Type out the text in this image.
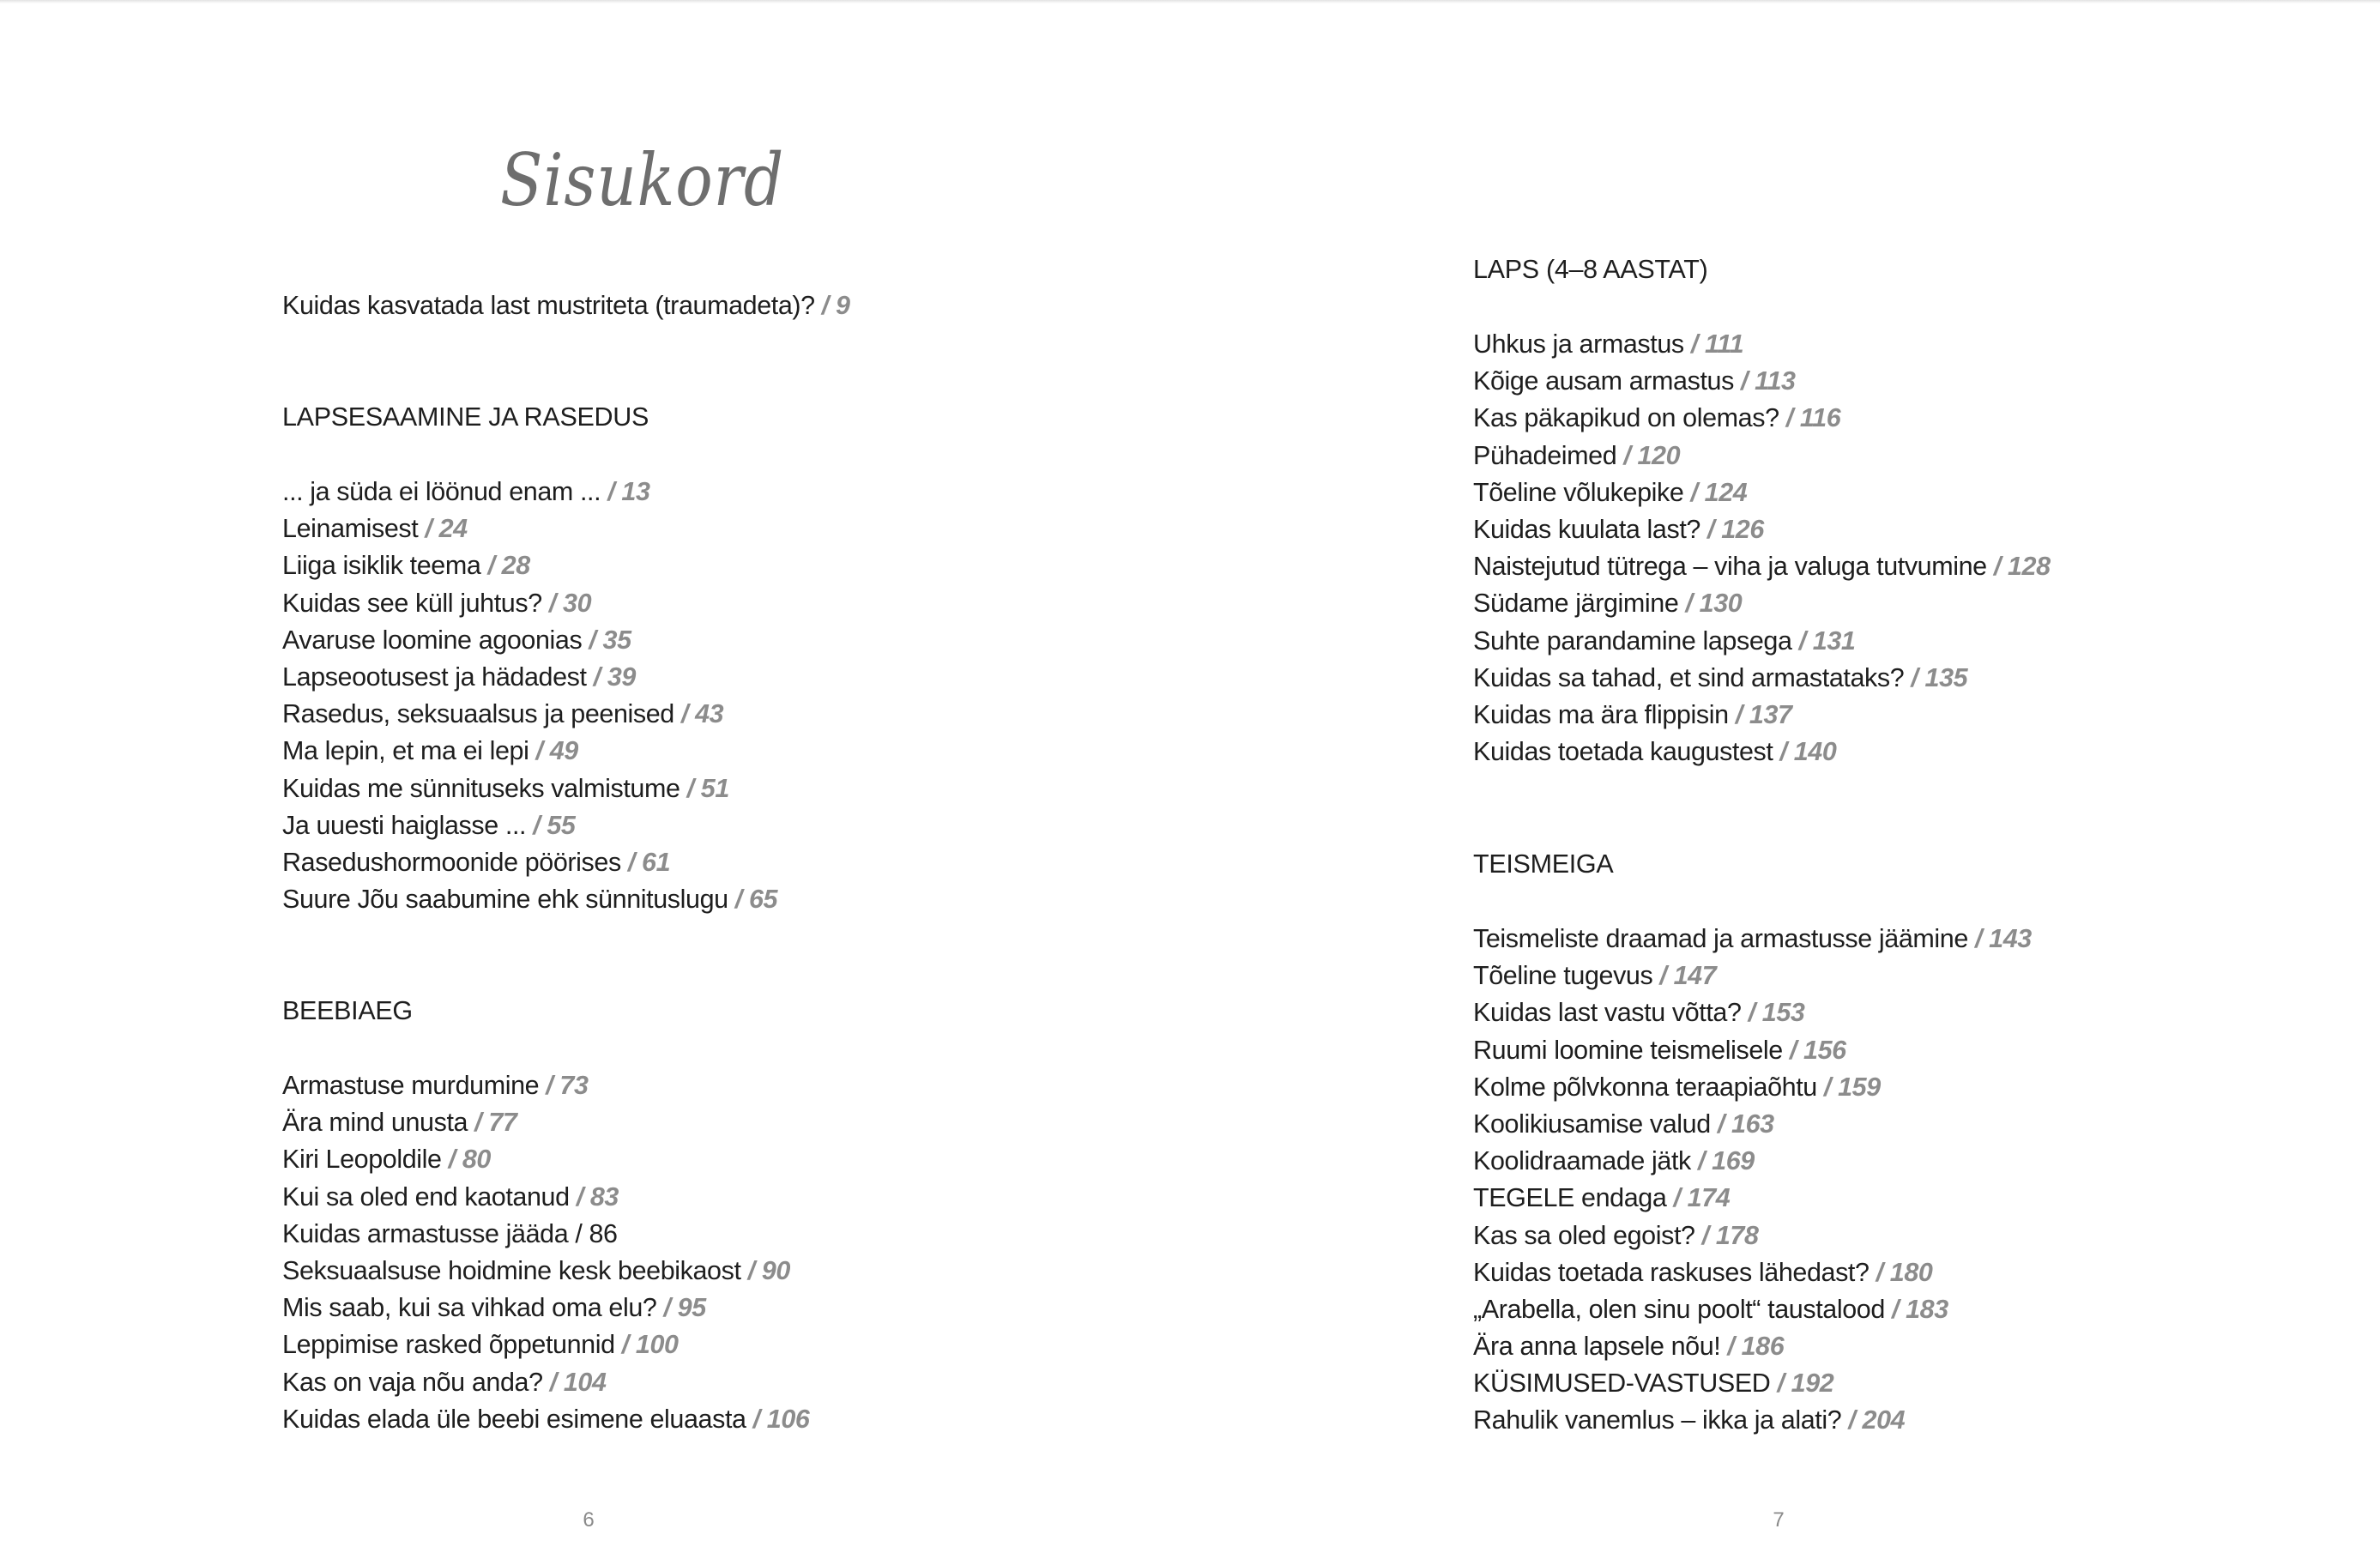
Sisukord
Kuidas kasvatada last mustriteta (traumadeta)? / 9
LAPSESAAMINE JA RASEDUS
... ja süda ei löönud enam ... / 13
Leinamisest / 24
Liiga isiklik teema / 28
Kuidas see küll juhtus? / 30
Avaruse loomine agoonias / 35
Lapseootusest ja hädadest / 39
Rasedus, seksuaalsus ja peenised / 43
Ma lepin, et ma ei lepi / 49
Kuidas me sünnituseks valmistume / 51
Ja uuesti haiglasse ... / 55
Rasedushormoonide pöörises / 61
Suure Jõu saabumine ehk sünnituslugu / 65
BEEBIAEG
Armastuse murdumine / 73
Ära mind unusta / 77
Kiri Leopoldile / 80
Kui sa oled end kaotanud / 83
Kuidas armastusse jääda / 86
Seksuaalsuse hoidmine kesk beebikaost / 90
Mis saab, kui sa vihkad oma elu? / 95
Leppimise rasked õppetunnid / 100
Kas on vaja nõu anda? / 104
Kuidas elada üle beebi esimene eluaasta / 106
6
LAPS (4–8 AASTAT)
Uhkus ja armastus / 111
Kõige ausam armastus / 113
Kas päkapikud on olemas? / 116
Pühadeimed / 120
Tõeline võlukepike / 124
Kuidas kuulata last? / 126
Naistejutud tütrega – viha ja valuga tutvumine / 128
Südame järgimine / 130
Suhte parandamine lapsega / 131
Kuidas sa tahad, et sind armastataks? / 135
Kuidas ma ära flippisin / 137
Kuidas toetada kaugustest / 140
TEISMEIGA
Teismeliste draamad ja armastusse jäämine / 143
Tõeline tugevus / 147
Kuidas last vastu võtta? / 153
Ruumi loomine teismelisele / 156
Kolme põlvkonna teraapiaõhtu / 159
Koolikiusamise valud / 163
Koolidraamade jätk / 169
TEGELE endaga / 174
Kas sa oled egoist? / 178
Kuidas toetada raskuses lähedast? / 180
„Arabella, olen sinu poolt“ taustalood / 183
Ära anna lapsele nõu! / 186
KÜSIMUSED-VASTUSED / 192
Rahulik vanemlus – ikka ja alati? / 204
7
